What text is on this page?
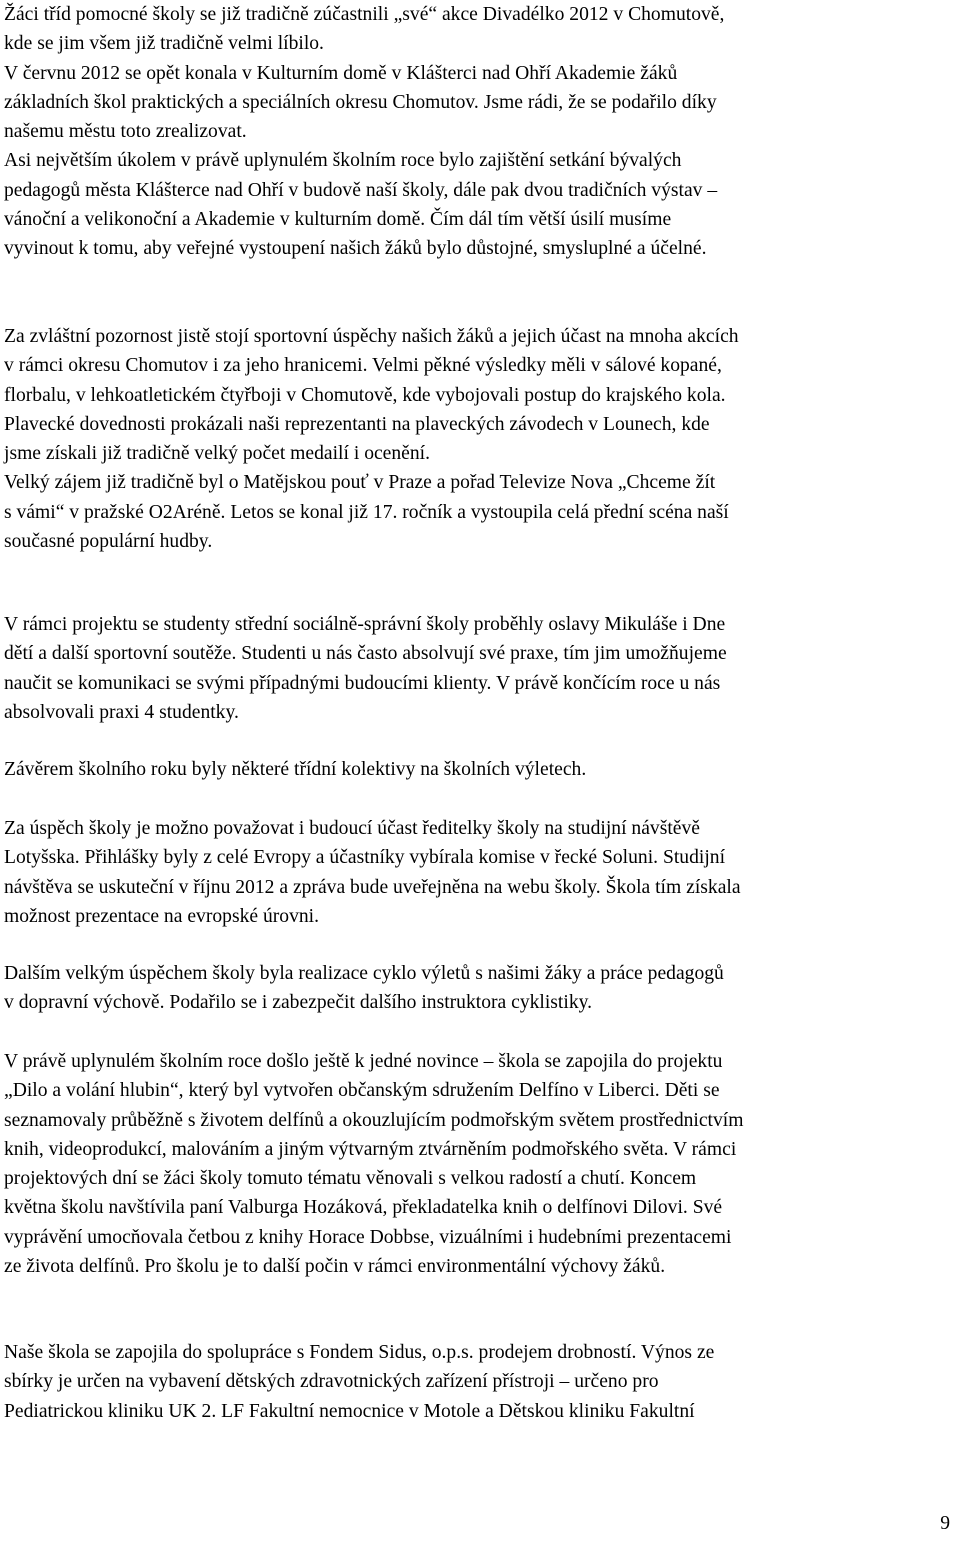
Žáci tříd pomocné školy se již tradičně zúčastnili „své“ akce Divadélko 2012 v Chomutově,
kde se jim všem již tradičně velmi líbilo.
V červnu 2012 se opět konala v Kulturním domě v Klášterci nad Ohří Akademie žáků
základních škol praktických a speciálních okresu Chomutov. Jsme rádi, že se podařilo díky
našemu městu toto zrealizovat.
Asi největším úkolem v právě uplynulém školním roce bylo zajištění setkání bývalých
pedagogů města Klášterce nad Ohří v budově naší školy, dále pak dvou tradičních výstav –
vánoční a velikonoční a Akademie v kulturním domě. Čím dál tím větší úsilí musíme
vyvinout k tomu, aby veřejné vystoupení našich žáků bylo důstojné, smysluplné a účelné.

Za zvláštní pozornost jistě stojí sportovní úspěchy našich žáků a jejich účast na mnoha akcích
v rámci okresu Chomutov i za jeho hranicemi. Velmi pěkné výsledky měli v sálové kopané,
florbalu, v lehkoatletickém čtyřboji v Chomutově, kde vybojovali postup do krajského kola.
Plavecké dovednosti prokázali naši reprezentanti na plaveckých závodech v Lounech, kde
jsme získali již tradičně velký počet medailí i ocenění.
Velký zájem již tradičně byl o Matějskou pouť v Praze a pořad Televize Nova „Chceme žít
s vámi“ v pražské O2Aréně. Letos se konal již 17. ročník a vystoupila celá přední scéna naší
současné populární hudby.

V rámci projektu se studenty střední sociálně-správní školy proběhly oslavy Mikuláše i Dne
dětí a další sportovní soutěže. Studenti u nás často absolvují své praxe, tím jim umožňujeme
naučit se komunikaci se svými případnými budoucími klienty. V právě končícím roce u nás
absolvovali praxi 4 studentky.

Závěrem školního roku byly některé třídní kolektivy na školních výletech.

Za úspěch školy je možno považovat i budoucí účast ředitelky školy na studijní návštěvě
Lotyšska. Přihlášky byly z celé Evropy a účastníky vybírala komise v řecké Soluni. Studijní
návštěva se uskuteční v říjnu 2012 a zpráva bude uveřejněna na webu školy. Škola tím získala
možnost prezentace na evropské úrovni.

Dalším velkým úspěchem školy byla realizace cyklo výletů s našimi žáky a práce pedagogů
v dopravní výchově. Podařilo se i zabezpečit dalšího instruktora cyklistiky.

V právě uplynulém školním roce došlo ještě k jedné novince – škola se zapojila do projektu
„Dilo a volání hlubin“, který byl vytvořen občanským sdružením Delfíno v Liberci. Děti se
seznamovaly průběžně s životem delfínů a okouzlujícím podmořským světem prostřednictvím
knih, videoprodukcí, malováním a jiným výtvarným ztvárněním podmořského světa. V rámci
projektových dní se žáci školy tomuto tématu věnovali s velkou radostí a chutí. Koncem
května školu navštívila paní Valburga Hozáková, překladatelka knih o delfínovi Dilovi. Své
vyprávění umocňovala četbou z knihy Horace Dobbse, vizuálními i hudebními prezentacemi
ze života delfínů. Pro školu je to další počin v rámci environmentální výchovy žáků.

Naše škola se zapojila do spolupráce s Fondem Sidus, o.p.s. prodejem drobností. Výnos ze
sbírky je určen na vybavení dětských zdravotnických zařízení přístroji – určeno pro
Pediatrickou kliniku UK 2. LF Fakultní nemocnice v Motole a Dětskou kliniku Fakultní

9
